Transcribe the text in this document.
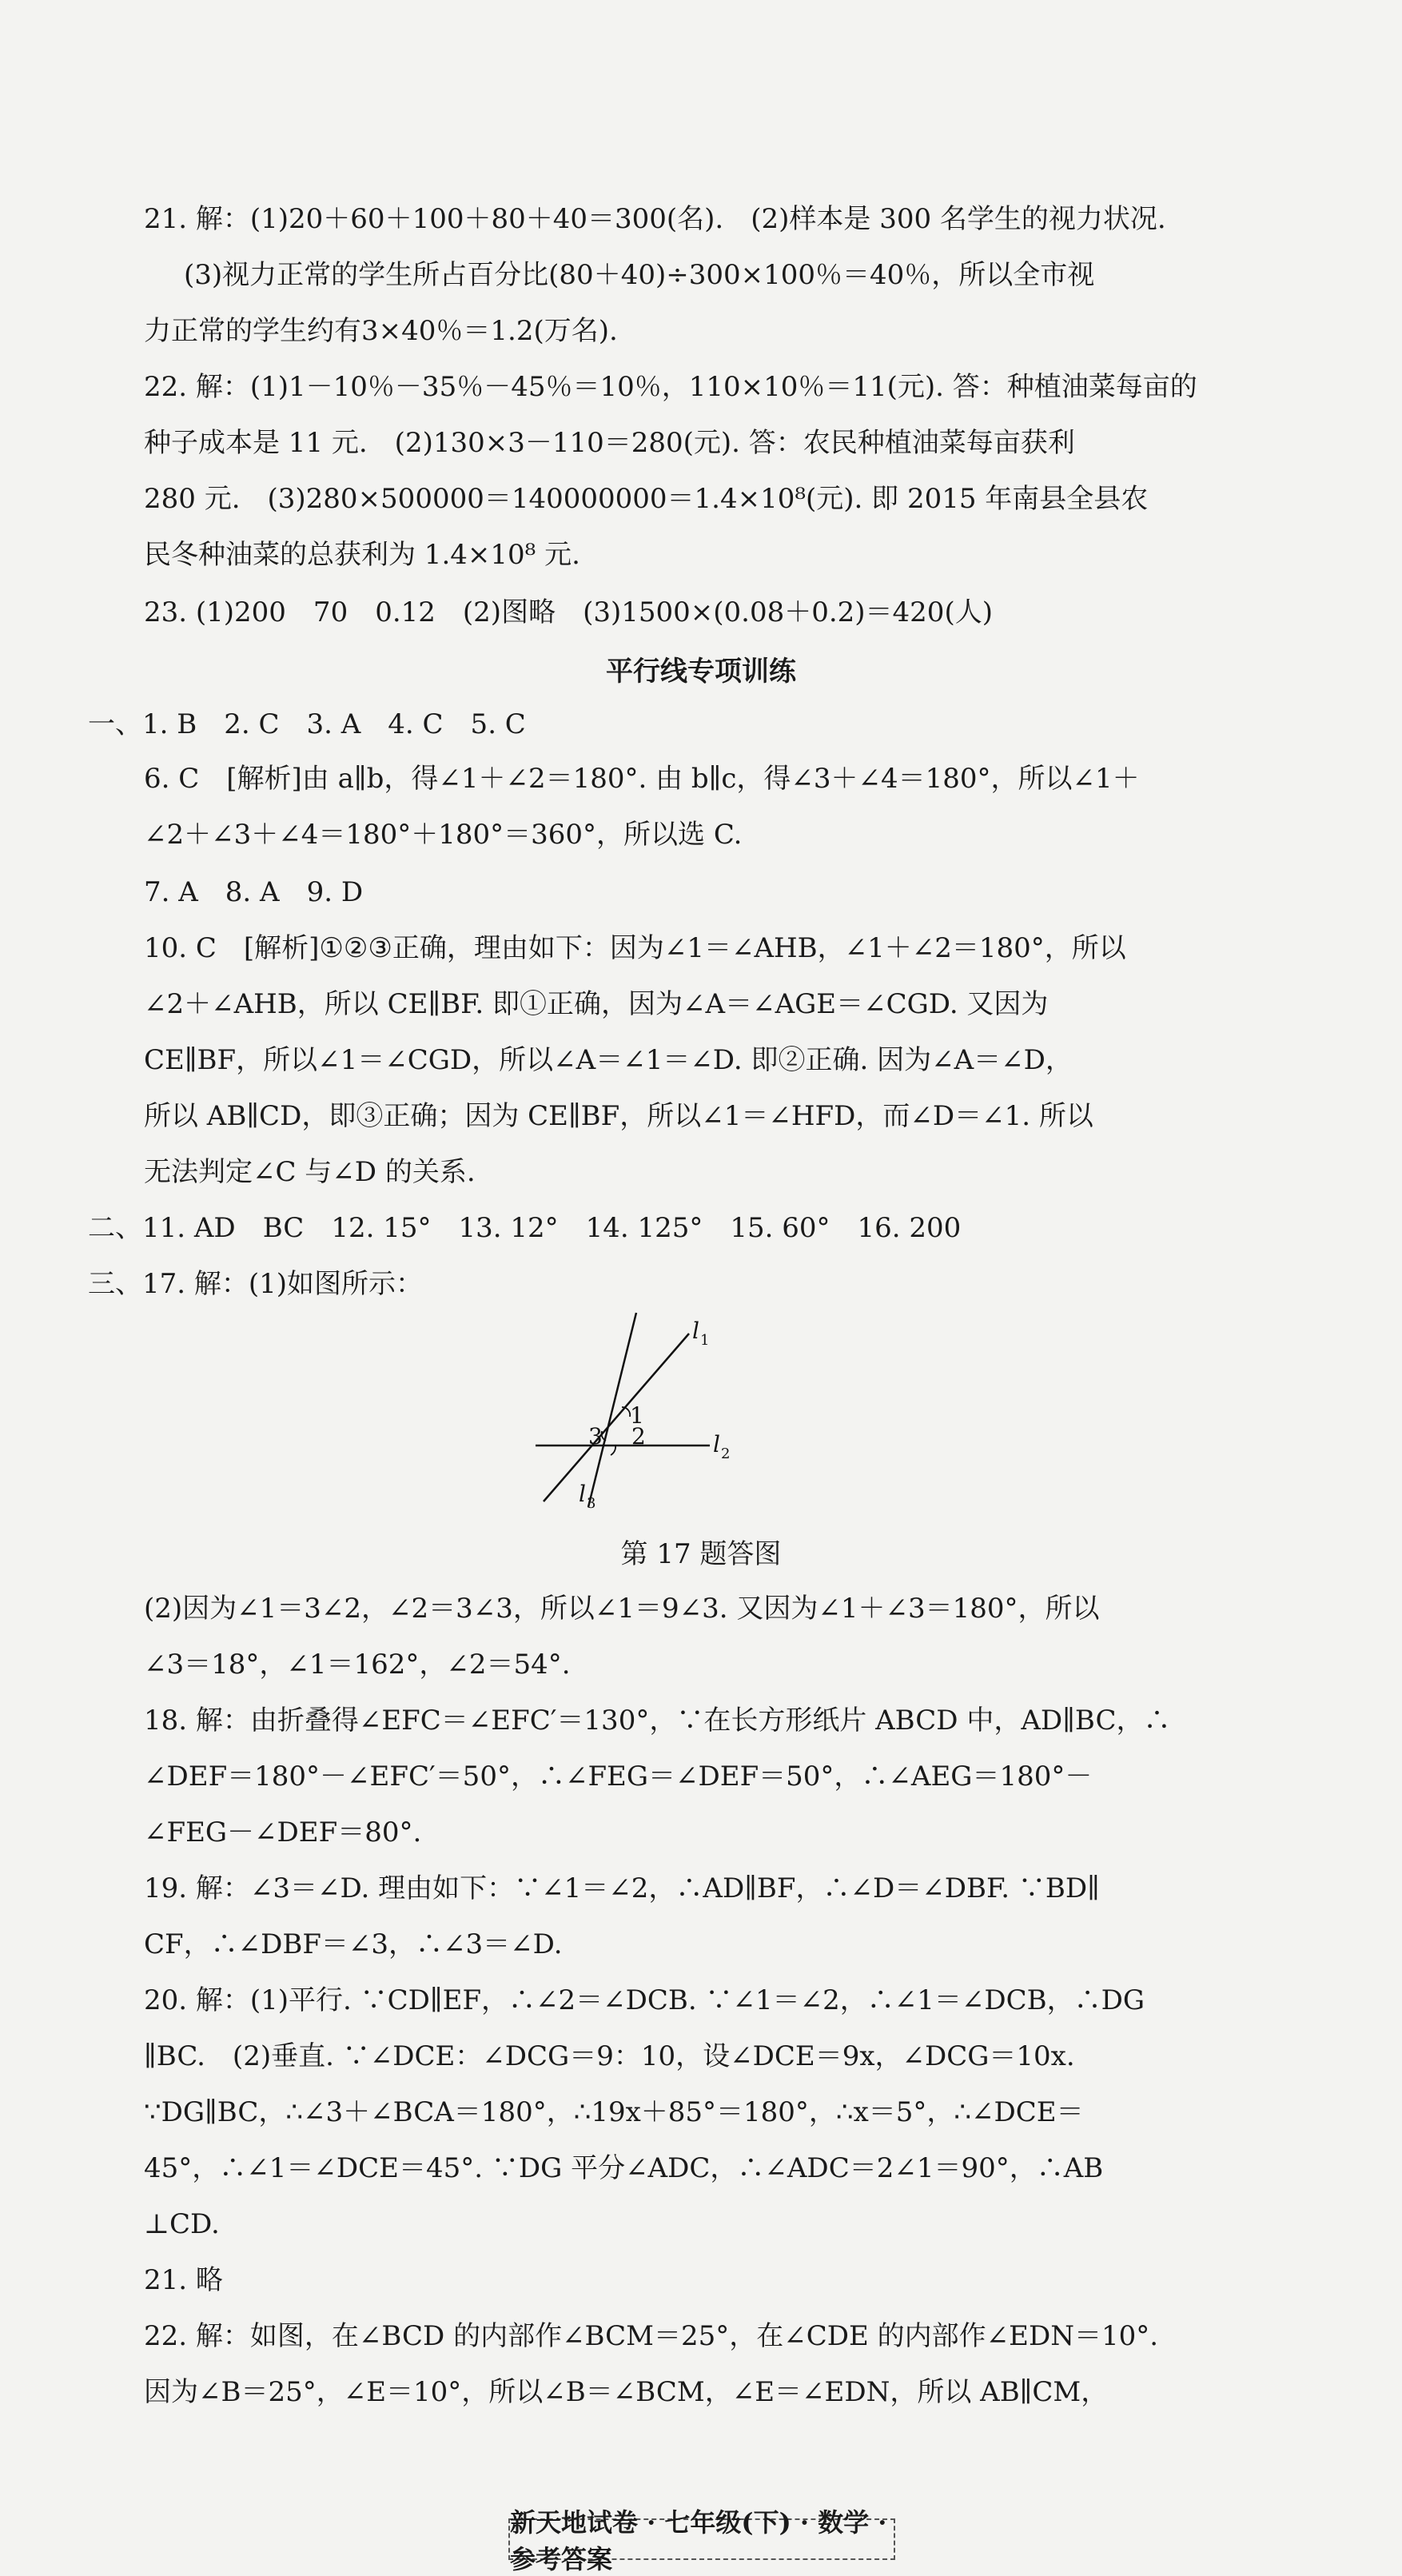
21. 解：(1)20＋60＋100＋80＋40＝300(名).　(2)样本是 300 名学生的视力状况.
(3)视力正常的学生所占百分比(80＋40)÷300×100％＝40％，所以全市视
力正常的学生约有3×40％＝1.2(万名).
22. 解：(1)1－10％－35％－45％＝10％，110×10％＝11(元). 答：种植油菜每亩的
种子成本是 11 元.　(2)130×3－110＝280(元). 答：农民种植油菜每亩获利
280 元.　(3)280×500000＝140000000＝1.4×10⁸(元). 即 2015 年南县全县农
民冬种油菜的总获利为 1.4×10⁸ 元.
23. (1)200　70　0.12　(2)图略　(3)1500×(0.08＋0.2)＝420(人)
平行线专项训练
一、1. B　2. C　3. A　4. C　5. C
6. C　[解析]由 a∥b，得∠1＋∠2＝180°. 由 b∥c，得∠3＋∠4＝180°，所以∠1＋
∠2＋∠3＋∠4＝180°＋180°＝360°，所以选 C.
7. A　8. A　9. D
10. C　[解析]①②③正确，理由如下：因为∠1＝∠AHB，∠1＋∠2＝180°，所以
∠2＋∠AHB，所以 CE∥BF. 即①正确，因为∠A＝∠AGE＝∠CGD. 又因为
CE∥BF，所以∠1＝∠CGD，所以∠A＝∠1＝∠D. 即②正确. 因为∠A＝∠D，
所以 AB∥CD，即③正确；因为 CE∥BF，所以∠1＝∠HFD，而∠D＝∠1. 所以
无法判定∠C 与∠D 的关系.
二、11. AD　BC　12. 15°　13. 12°　14. 125°　15. 60°　16. 200
三、17. 解：(1)如图所示：
l 1
l 2
l 3
1
2
3
第 17 题答图
(2)因为∠1＝3∠2，∠2＝3∠3，所以∠1＝9∠3. 又因为∠1＋∠3＝180°，所以
∠3＝18°，∠1＝162°，∠2＝54°.
18. 解：由折叠得∠EFC＝∠EFC′＝130°，∵在长方形纸片 ABCD 中，AD∥BC，∴
∠DEF＝180°－∠EFC′＝50°，∴∠FEG＝∠DEF＝50°，∴∠AEG＝180°－
∠FEG－∠DEF＝80°.
19. 解：∠3＝∠D. 理由如下：∵∠1＝∠2，∴AD∥BF，∴∠D＝∠DBF. ∵BD∥
CF，∴∠DBF＝∠3，∴∠3＝∠D.
20. 解：(1)平行. ∵CD∥EF，∴∠2＝∠DCB. ∵∠1＝∠2，∴∠1＝∠DCB，∴DG
∥BC.　(2)垂直. ∵∠DCE：∠DCG＝9：10，设∠DCE＝9x，∠DCG＝10x.
∵DG∥BC，∴∠3＋∠BCA＝180°，∴19x＋85°＝180°，∴x＝5°，∴∠DCE＝
45°，∴∠1＝∠DCE＝45°. ∵DG 平分∠ADC，∴∠ADC＝2∠1＝90°，∴AB
⊥CD.
21. 略
22. 解：如图，在∠BCD 的内部作∠BCM＝25°，在∠CDE 的内部作∠EDN＝10°.
因为∠B＝25°，∠E＝10°，所以∠B＝∠BCM，∠E＝∠EDN，所以 AB∥CM，
新天地试卷 · 七年级(下) · 数学 · 参考答案
